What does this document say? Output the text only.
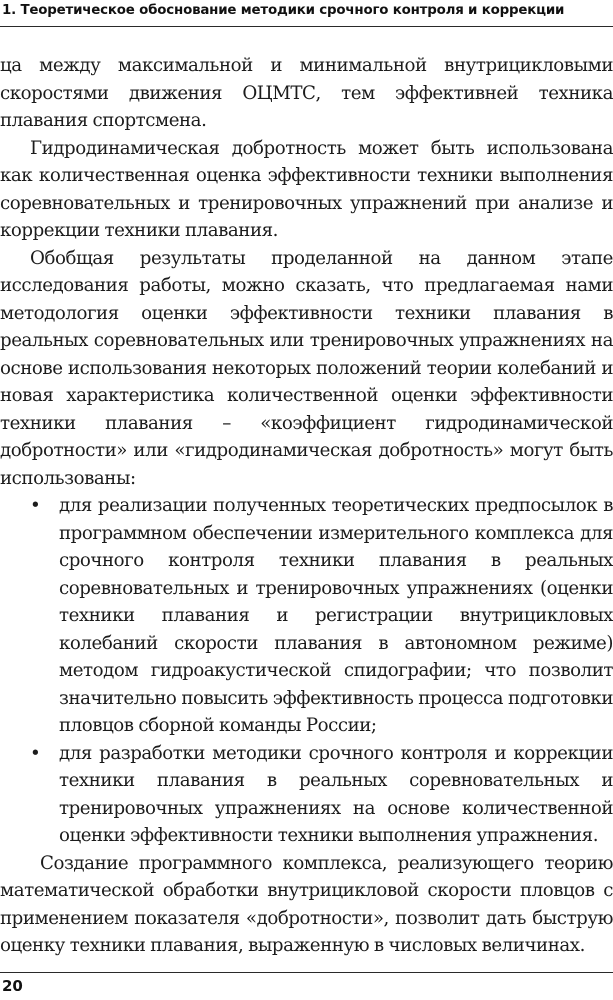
1. Теоретическое обоснование методики срочного контроля и коррекции

ца между максимальной и минимальной внутрицикловыми скоростями движения ОЦМТС, тем эффективней техника плавания спортсмена.

Гидродинамическая добротность может быть использована как количественная оценка эффективности техники выполнения соревновательных и тренировочных упражнений при анализе и коррекции техники плавания.

Обобщая результаты проделанной на данном этапе исследования работы, можно сказать, что предлагаемая нами методология оценки эффективности техники плавания в реальных соревновательных или тренировочных упражнениях на основе использования некоторых положений теории колебаний и новая характеристика количественной оценки эффективности техники плавания – «коэффициент гидродинамической добротности» или «гидродинамическая добротность» могут быть использованы:

• для реализации полученных теоретических предпосылок в программном обеспечении измерительного комплекса для срочного контроля техники плавания в реальных соревновательных и тренировочных упражнениях (оценки техники плавания и регистрации внутрицикловых колебаний скорости плавания в автономном режиме) методом гидроакустической спидографии; что позволит значительно повысить эффективность процесса подготовки пловцов сборной команды России;
• для разработки методики срочного контроля и коррекции техники плавания в реальных соревновательных и тренировочных упражнениях на основе количественной оценки эффективности техники выполнения упражнения.

Создание программного комплекса, реализующего теорию математической обработки внутрицикловой скорости пловцов с применением показателя «добротности», позволит дать быструю оценку техники плавания, выраженную в числовых величинах.

20
